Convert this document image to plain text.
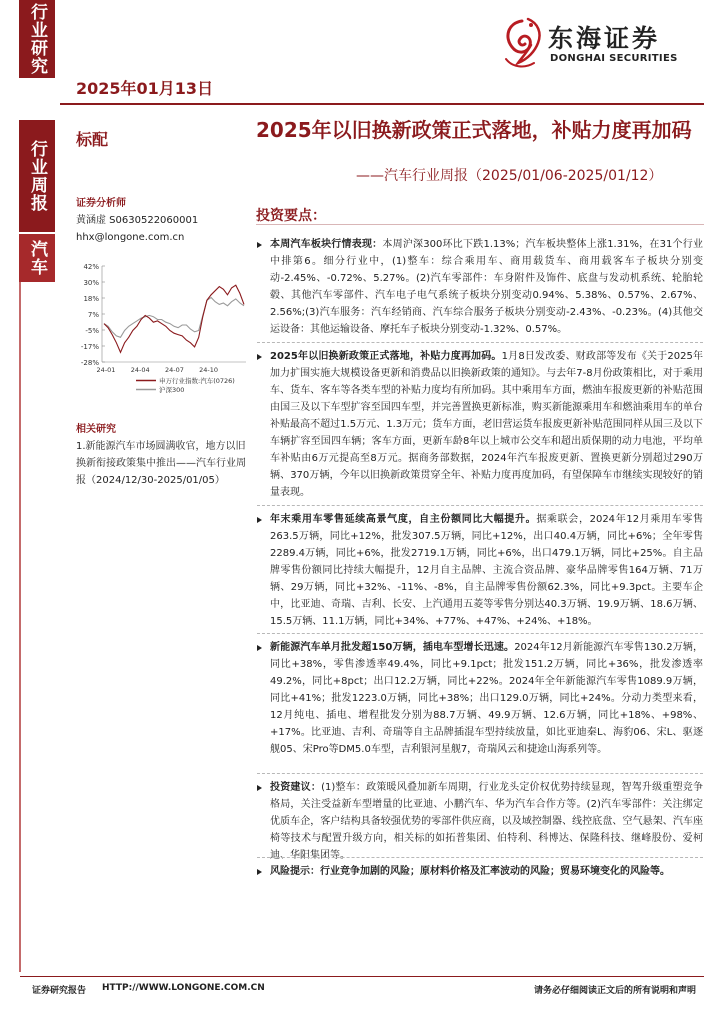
行业研究
行业周报
汽车
2025年01月13日
东海证券
DONGHAI SECURITIES
标配	2025年以旧换新政策正式落地，补贴力度再加码
——汽车行业周报（2025/01/06-2025/01/12）
证券分析师
黄涵虚 S0630522060001
hhx@longone.com.cn
42%
30%
18%
7%
-5%
-17%
-28%
24-01 24-04 24-07 24-10
申万行业指数:汽车(0726)
沪深300
相关研究
1.新能源汽车市场圆满收官，地方以旧换新衔接政策集中推出——汽车行业周报（2024/12/30-2025/01/05）
投资要点：
本周汽车板块行情表现：本周沪深300环比下跌1.13%；汽车板块整体上涨1.31%，在31个行业中排第6。细分行业中，(1)整车：综合乘用车、商用载货车、商用载客车子板块分别变动-2.45%、-0.72%、5.27%。(2)汽车零部件：车身附件及饰件、底盘与发动机系统、轮胎轮毂、其他汽车零部件、汽车电子电气系统子板块分别变动0.94%、5.38%、0.57%、2.67%、2.56%;(3)汽车服务：汽车经销商、汽车综合服务子板块分别变动-2.43%、-0.23%。(4)其他交运设备：其他运输设备、摩托车子板块分别变动-1.32%、0.57%。
2025年以旧换新政策正式落地，补贴力度再加码。1月8日发改委、财政部等发布《关于2025年加力扩围实施大规模设备更新和消费品以旧换新政策的通知》。与去年7-8月份政策相比，对于乘用车、货车、客车等各类车型的补贴力度均有所加码。其中乘用车方面，燃油车报废更新的补贴范围由国三及以下车型扩容至国四车型，并完善置换更新标准，购买新能源乘用车和燃油乘用车的单台补贴最高不超过1.5万元、1.3万元；货车方面，老旧营运货车报废更新补贴范围同样从国三及以下车辆扩容至国四车辆；客车方面，更新车龄8年以上城市公交车和超出质保期的动力电池，平均单车补贴由6万元提高至8万元。据商务部数据，2024年汽车报废更新、置换更新分别超过290万辆、370万辆，今年以旧换新政策贯穿全年、补贴力度再度加码，有望保障车市继续实现较好的销量表现。
年末乘用车零售延续高景气度，自主份额同比大幅提升。据乘联会，2024年12月乘用车零售263.5万辆，同比+12%，批发307.5万辆，同比+12%，出口40.4万辆，同比+6%；全年零售2289.4万辆，同比+6%，批发2719.1万辆，同比+6%，出口479.1万辆，同比+25%。自主品牌零售份额同比持续大幅提升，12月自主品牌、主流合资品牌、豪华品牌零售164万辆、71万辆、29万辆，同比+32%、-11%、-8%，自主品牌零售份额62.3%，同比+9.3pct。主要车企中，比亚迪、奇瑞、吉利、长安、上汽通用五菱等零售分别达40.3万辆、19.9万辆、18.6万辆、15.5万辆、11.1万辆，同比+34%、+77%、+47%、+24%、+18%。
新能源汽车单月批发超150万辆，插电车型增长迅速。2024年12月新能源汽车零售130.2万辆，同比+38%，零售渗透率49.4%，同比+9.1pct；批发151.2万辆，同比+36%，批发渗透率49.2%，同比+8pct；出口12.2万辆，同比+22%。2024年全年新能源汽车零售1089.9万辆，同比+41%；批发1223.0万辆，同比+38%；出口129.0万辆，同比+24%。分动力类型来看，12月纯电、插电、增程批发分别为88.7万辆、49.9万辆、12.6万辆，同比+18%、+98%、+17%。比亚迪、吉利、奇瑞等自主品牌插混车型持续放量，如比亚迪秦L、海豹06、宋L、驱逐舰05、宋Pro等DM5.0车型，吉利银河星舰7，奇瑞风云和捷途山海系列等。
投资建议：(1)整车：政策暖风叠加新车周期，行业龙头定价权优势持续显现，智驾升级重塑竞争格局，关注受益新车型增量的比亚迪、小鹏汽车、华为汽车合作方等。(2)汽车零部件：关注绑定优质车企，客户结构具备较强优势的零部件供应商，以及域控制器、线控底盘、空气悬架、汽车座椅等技术与配置升级方向，相关标的如拓普集团、伯特利、科博达、保隆科技、继峰股份、爱柯迪、华阳集团等。
风险提示：行业竞争加剧的风险；原材料价格及汇率波动的风险；贸易环境变化的风险等。
证券研究报告 HTTP://WWW.LONGONE.COM.CN	请务必仔细阅读正文后的所有说明和声明
